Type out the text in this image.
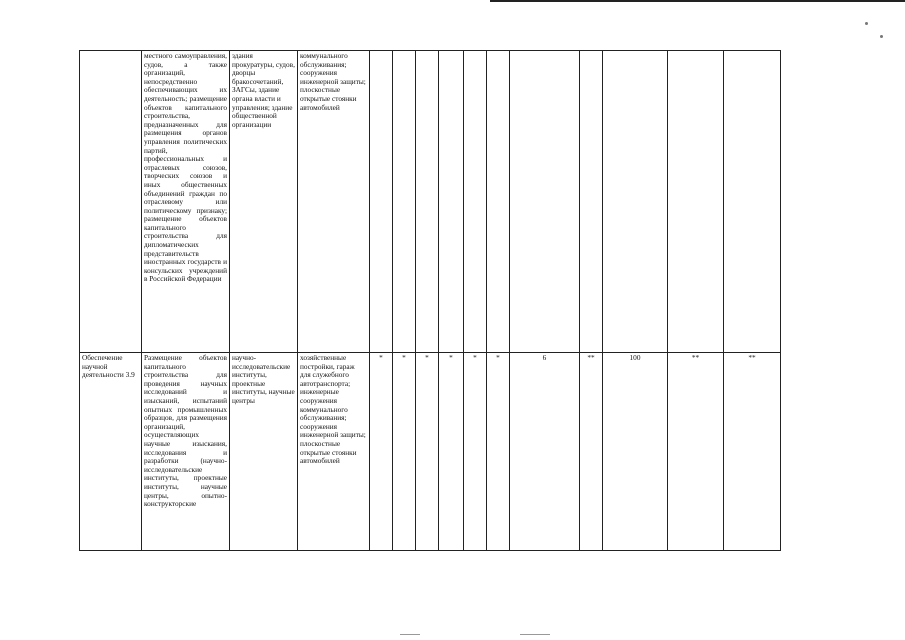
	местного самоуправления, судов, а также организаций, непосредственно обеспечивающих их деятельность; размещение объектов капитального строительства, предназначенных для размещения органов управления политических партий, профессиональных и отраслевых союзов, творческих союзов и иных общественных объединений граждан по отраслевому или политическому признаку; размещение объектов капитального строительства для дипломатических представительств иностранных государств и консульских учреждений в Российской Федерации	здания прокуратуры, судов, дворцы бракосочетаний, ЗАГСы, здание органа власти и управления; здание общественной организации	коммунального обслуживания; сооружения инженерной защиты; плоскостные открытые стоянки автомобилей											
Обеспечение научной деятельности 3.9	Размещение объектов капитального строительства для проведения научных исследований и изысканий, испытаний опытных промышленных образцов, для размещения организаций, осуществляющих научные изыскания, исследования и разработки (научно-исследовательские институты, проектные институты, научные центры, опытно-конструкторские	научно-исследовательские институты, проектные институты, научные центры	хозяйственные постройки, гараж для служебного автотранспорта; инженерные сооружения коммунального обслуживания; сооружения инженерной защиты; плоскостные открытые стоянки автомобилей	*	*	*	*	*	*	6	**	100	**	**
